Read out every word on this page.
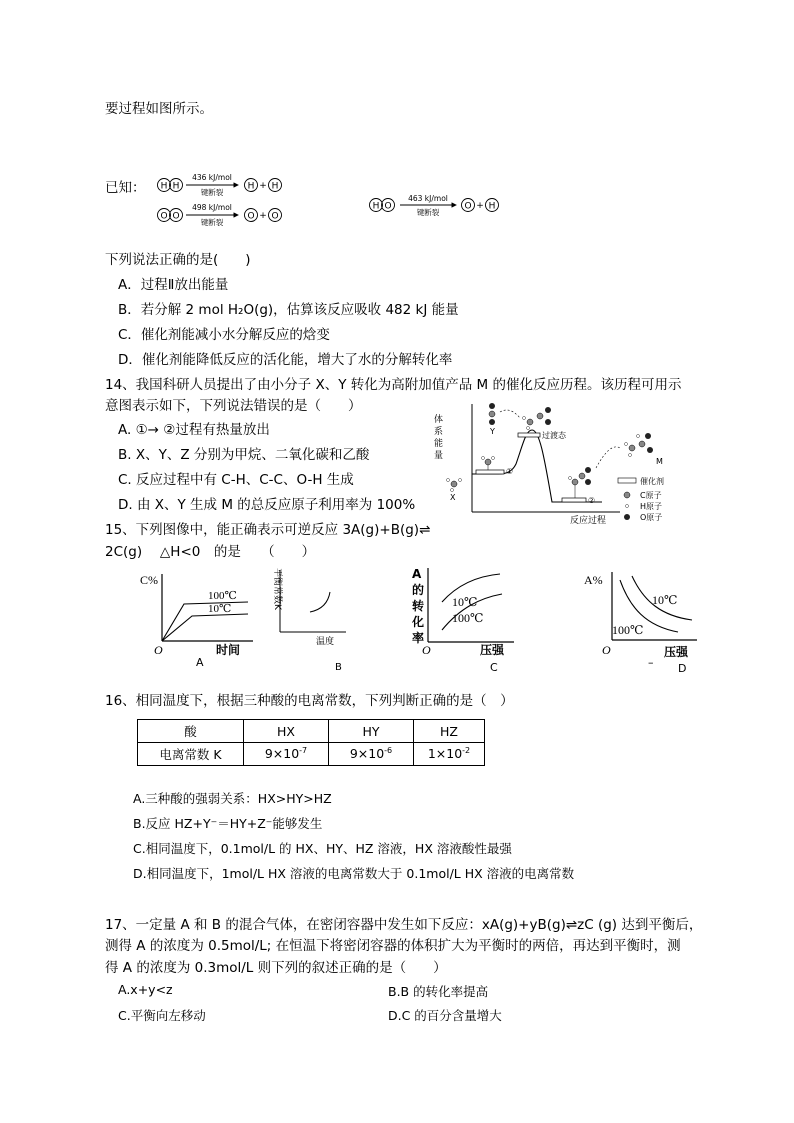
要过程如图所示。
已知： H H
436 kJ/mol
键断裂
H + H
O O
498 kJ/mol
键断裂
O + O
H O
463 kJ/mol
键断裂
O + H
下列说法正确的是(　　)
A．过程Ⅱ放出能量
B．若分解 2 mol H₂O(g)，估算该反应吸收 482 kJ 能量
C．催化剂能减小水分解反应的焓变
D．催化剂能降低反应的活化能，增大了水的分解转化率
14、我国科研人员提出了由小分子 X、Y 转化为高附加值产品 M 的催化反应历程。该历程可用示
意图表示如下，下列说法错误的是（　　）
A. ①→ ②过程有热量放出
B. X、Y、Z 分别为甲烷、二氧化碳和乙酸
C. 反应过程中有 C-H、C-C、O-H 生成
D. 由 X、Y 生成 M 的总反应原子利用率为 100%
体
系
能
量
反应过程
①
②
过渡态
X
Y
M
催化剂
C原子
H原子
O原子
15、下列图像中，能正确表示可逆反应 3A(g)+B(g)⇌
2C(g)　 △H<0　的是　　（　　）
C%
O	时间
100℃
10℃
A
平衡常数K
温度
B
A
的
转
化
率
O	压强
10℃
100℃
C
A%
O	压强
10℃
100℃
– D
16、相同温度下，根据三种酸的电离常数，下列判断正确的是（　）
酸	HX	HY	HZ
电离常数 K	$9\times 10^{-7}$	$9\times 10^{-6}$	$1\times 10^{-2}$
A.三种酸的强弱关系：HX>HY>HZ
B.反应 HZ+Y⁻＝HY+Z⁻能够发生
C.相同温度下，0.1mol/L 的 HX、HY、HZ 溶液，HX 溶液酸性最强
D.相同温度下，1mol/L HX 溶液的电离常数大于 0.1mol/L HX 溶液的电离常数
17、一定量 A 和 B 的混合气体，在密闭容器中发生如下反应：xA(g)+yB(g)⇌zC (g) 达到平衡后，
测得 A 的浓度为 0.5mol/L; 在恒温下将密闭容器的体积扩大为平衡时的两倍，再达到平衡时，测
得 A 的浓度为 0.3mol/L 则下列的叙述正确的是（　　）
A.x+y<z	B.B 的转化率提高
C.平衡向左移动	D.C 的百分含量增大
